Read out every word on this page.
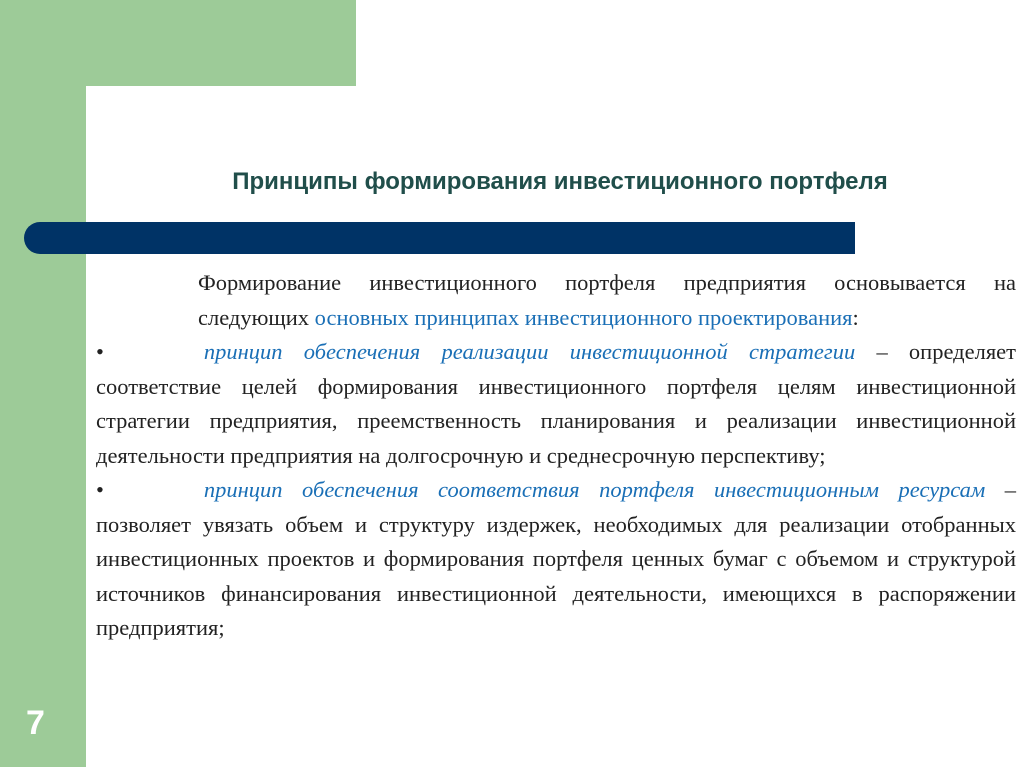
Принципы формирования инвестиционного портфеля

Формирование инвестиционного портфеля предприятия основывается на следующих основных принципах инвестиционного проектирования:

•	принцип обеспечения реализации инвестиционной стратегии – определяет соответствие целей формирования инвестиционного портфеля целям инвестиционной стратегии предприятия, преемственность планирования и реализации инвестиционной деятельности предприятия на долгосрочную и среднесрочную перспективу;

•	принцип обеспечения соответствия портфеля инвестиционным ресурсам – позволяет увязать объем и структуру издержек, необходимых для реализации отобранных инвестиционных проектов и формирования портфеля ценных бумаг с объемом и структурой источников финансирования инвестиционной деятельности, имеющихся в распоряжении предприятия;

7
